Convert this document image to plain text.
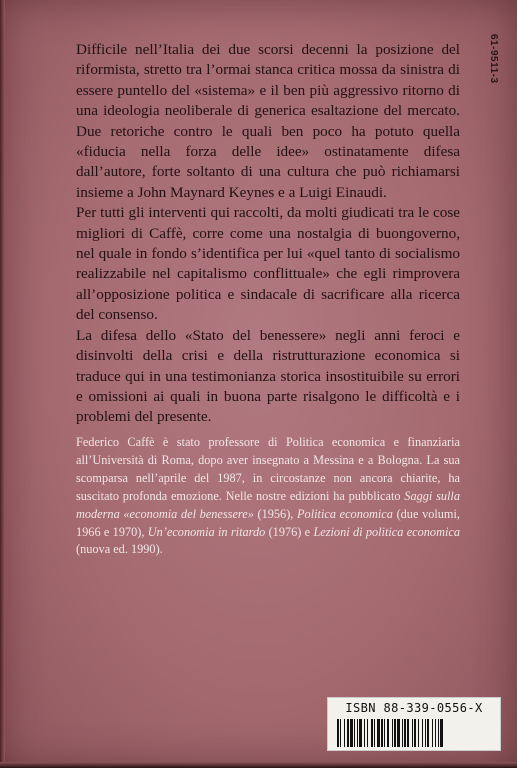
61-9511-3

Difficile nell’Italia dei due scorsi decenni la posizione del riformista, stretto tra l’ormai stanca critica mossa da sinistra di essere puntello del «sistema» e il ben più aggressivo ritorno di una ideologia neoliberale di generica esaltazione del mercato. Due retoriche contro le quali ben poco ha potuto quella «fiducia nella forza delle idee» ostinatamente difesa dall’autore, forte soltanto di una cultura che può richiamarsi insieme a John Maynard Keynes e a Luigi Einaudi.

Per tutti gli interventi qui raccolti, da molti giudicati tra le cose migliori di Caffè, corre come una nostalgia di buongoverno, nel quale in fondo s’identifica per lui «quel tanto di socialismo realizzabile nel capitalismo conflittuale» che egli rimprovera all’opposizione politica e sindacale di sacrificare alla ricerca del consenso.

La difesa dello «Stato del benessere» negli anni feroci e disinvolti della crisi e della ristrutturazione economica si traduce qui in una testimonianza storica insostituibile su errori e omissioni ai quali in buona parte risalgono le difficoltà e i problemi del presente.

Federico Caffè è stato professore di Politica economica e finanziaria all’Università di Roma, dopo aver insegnato a Messina e a Bologna. La sua scomparsa nell’aprile del 1987, in circostanze non ancora chiarite, ha suscitato profonda emozione. Nelle nostre edizioni ha pubblicato Saggi sulla moderna «economia del benessere» (1956), Politica economica (due volumi, 1966 e 1970), Un’economia in ritardo (1976) e Lezioni di politica economica (nuova ed. 1990).

ISBN 88-339-0556-X
